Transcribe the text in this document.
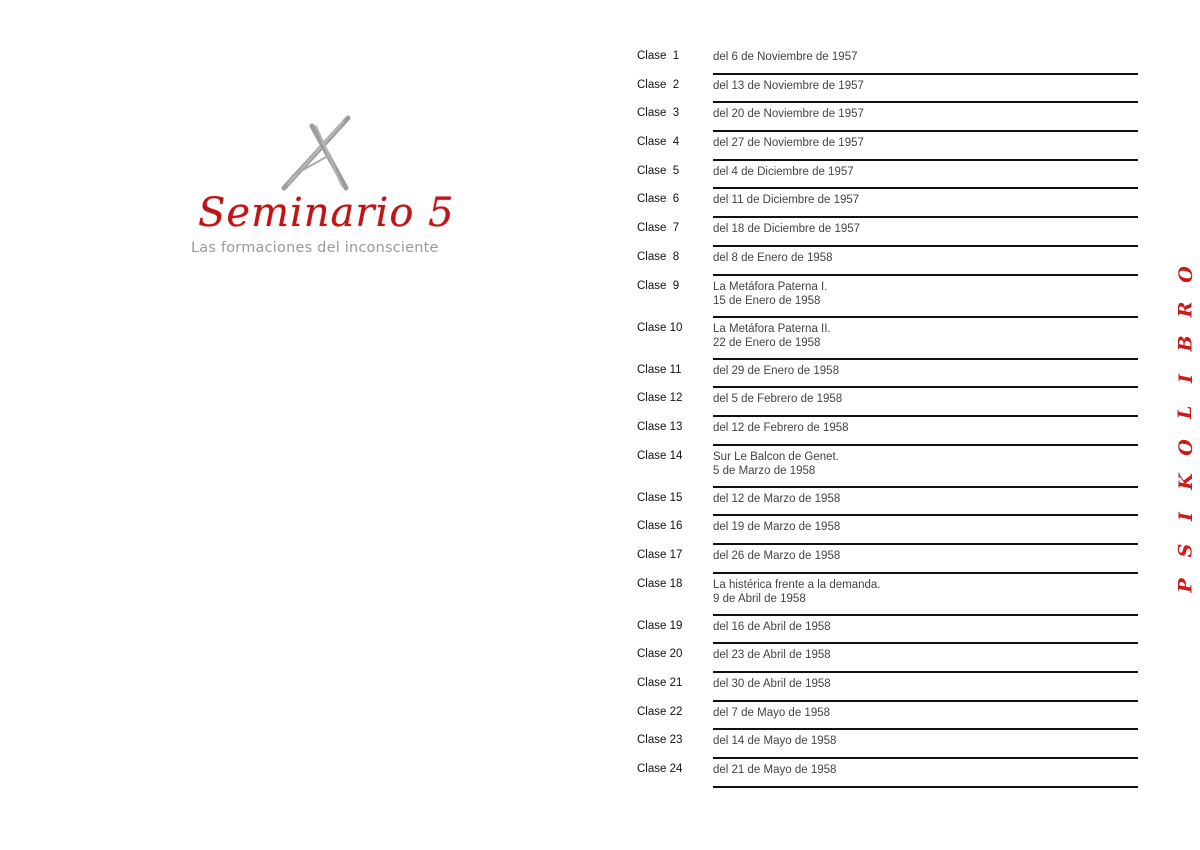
Seminario 5
Las formaciones del inconsciente
Clase  1	del 6 de Noviembre de 1957
Clase  2	del 13 de Noviembre de 1957
Clase  3	del 20 de Noviembre de 1957
Clase  4	del 27 de Noviembre de 1957
Clase  5	del 4 de Diciembre de 1957
Clase  6	del 11 de Diciembre de 1957
Clase  7	del 18 de Diciembre de 1957
Clase  8	del 8 de Enero de 1958
Clase  9	La Metáfora Paterna I.
15 de Enero de 1958
Clase 10	La Metáfora Paterna II.
22 de Enero de 1958
Clase 11	del 29 de Enero de 1958
Clase 12	del 5 de Febrero de 1958
Clase 13	del 12 de Febrero de 1958
Clase 14	Sur Le Balcon de Genet.
5 de Marzo de 1958
Clase 15	del 12 de Marzo de 1958
Clase 16	del 19 de Marzo de 1958
Clase 17	del 26 de Marzo de 1958
Clase 18	La histérica frente a la demanda.
9 de Abril de 1958
Clase 19	del 16 de Abril de 1958
Clase 20	del 23 de Abril de 1958
Clase 21	del 30 de Abril de 1958
Clase 22	del 7 de Mayo de 1958
Clase 23	del 14 de Mayo de 1958
Clase 24	del 21 de Mayo de 1958
O
R
B
I
L
O
K
I
S
P
